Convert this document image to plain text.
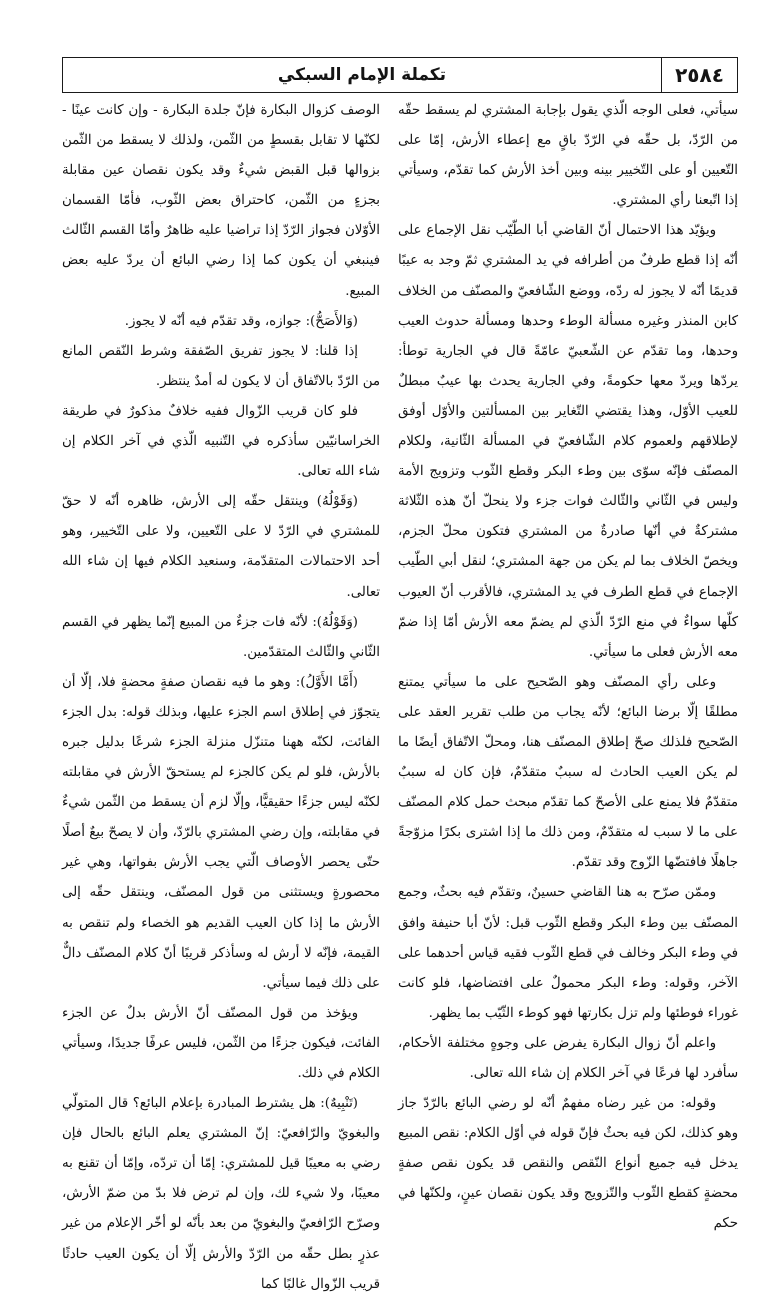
٢٥٨٤
تكملة الإمام السبكي

سيأتي، فعلى الوجه الّذي يقول بإجابة المشتري لم يسقط حقّه من الرّدّ، بل حقّه في الرّدّ باقٍ مع إعطاء الأرش، إمّا على التّعيين أو على التّخيير بينه وبين أخذ الأرش كما تقدّم، وسيأتي إذا اتّبعنا رأي المشتري.

ويؤيّد هذا الاحتمال أنّ القاضي أبا الطّيّب نقل الإجماع على أنّه إذا قطع طرفٌ من أطرافه في يد المشتري ثمّ وجد به عيبًا قديمًا أنّه لا يجوز له ردّه، ووضع الشّافعيّ والمصنّف من الخلاف كابن المنذر وغيره مسألة الوطء وحدها ومسألة حدوث العيب وحدها، وما تقدّم عن الشّعبيّ عامّةً قال في الجارية توطأ: يردّها ويردّ معها حكومةً، وفي الجارية يحدث بها عيبٌ مبطلٌ للعيب الأوّل، وهذا يقتضي التّغاير بين المسألتين والأوّل أوفق لإطلاقهم ولعموم كلام الشّافعيّ في المسألة الثّانية، ولكلام المصنّف فإنّه سوّى بين وطء البكر وقطع الثّوب وتزويج الأمة وليس في الثّاني والثّالث فوات جزء ولا ينحلّ أنّ هذه الثّلاثة مشتركةٌ في أنّها صادرةٌ من المشتري فتكون محلّ الجزم، ويخصّ الخلاف بما لم يكن من جهة المشتري؛ لنقل أبي الطّيب الإجماع في قطع الطرف في يد المشتري، فالأقرب أنّ العيوب كلّها سواءٌ في منع الرّدّ الّذي لم يضمّ معه الأرش أمّا إذا ضمّ معه الأرش فعلى ما سيأتي.

وعلى رأي المصنّف وهو الصّحيح على ما سيأتي يمتنع مطلقًا إلّا برضا البائع؛ لأنّه يجاب من طلب تقرير العقد على الصّحيح فلذلك صحّ إطلاق المصنّف هنا، ومحلّ الاتّفاق أيضًا ما لم يكن العيب الحادث له سببٌ متقدّمٌ، فإن كان له سببٌ متقدّمٌ فلا يمنع على الأصحّ كما تقدّم مبحث حمل كلام المصنّف على ما لا سبب له متقدّمٌ، ومن ذلك ما إذا اشترى بكرًا مزوّجةً جاهلًا فافتضّها الزّوج وقد تقدّم.

وممّن صرّح به هنا القاضي حسينٌ، وتقدّم فيه بحثٌ، وجمع المصنّف بين وطء البكر وقطع الثّوب قبل: لأنّ أبا حنيفة وافق في وطء البكر وخالف في قطع الثّوب فقيه قياس أحدهما على الآخر، وقوله: وطء البكر محمولٌ على افتضاضها، فلو كانت غوراء فوطئها ولم تزل بكارتها فهو كوطء الثّيّب بما يظهر.

واعلم أنّ زوال البكارة يفرض على وجوهٍ مختلفة الأحكام، سأفرد لها فرعًا في آخر الكلام إن شاء الله تعالى.

وقوله: من غير رضاه مفهمٌ أنّه لو رضي البائع بالرّدّ جاز وهو كذلك، لكن فيه بحثٌ فإنّ قوله في أوّل الكلام: نقص المبيع يدخل فيه جميع أنواع النّقص والنقص قد يكون نقص صفةٍ محضةٍ كقطع الثّوب والتّزويج وقد يكون نقصان عينٍ، ولكنّها في حكم

الوصف كزوال البكارة فإنّ جلدة البكارة - وإن كانت عينًا - لكنّها لا تقابل بقسطٍ من الثّمن، ولذلك لا يسقط من الثّمن بزوالها قبل القبض شيءٌ وقد يكون نقصان عين مقابلة بجزءٍ من الثّمن، كاحتراق بعض الثّوب، فأمّا القسمان الأوّلان فجواز الرّدّ إذا تراضيا عليه ظاهرٌ وأمّا القسم الثّالث فينبغي أن يكون كما إذا رضي البائع أن يردّ عليه بعض المبيع.

(وَالأَصَحُّ): جوازه، وقد تقدّم فيه أنّه لا يجوز.

إذا قلنا: لا يجوز تفريق الصّفقة وشرط النّقص المانع من الرّدّ بالاتّفاق أن لا يكون له أمدٌ ينتظر.

فلو كان قريب الزّوال ففيه خلافٌ مذكورٌ في طريقة الخراسانيّين سأذكره في التّنبيه الّذي في آخر الكلام إن شاء الله تعالى.

(وَقَوْلُهُ) وينتقل حقّه إلى الأرش، ظاهره أنّه لا حقّ للمشتري في الرّدّ لا على التّعيين، ولا على التّخيير، وهو أحد الاحتمالات المتقدّمة، وسنعيد الكلام فيها إن شاء الله تعالى.

(وَقَوْلُهُ): لأنّه فات جزءٌ من المبيع إنّما يظهر في القسم الثّاني والثّالث المتقدّمين.

(أَمَّا الأَوَّلُ): وهو ما فيه نقصان صفةٍ محضةٍ فلا، إلّا أن يتجوّز في إطلاق اسم الجزء عليها، وبذلك قوله: بدل الجزء الفائت، لكنّه ههنا متنزّل منزلة الجزء شرعًا بدليل جبره بالأرش، فلو لم يكن كالجزء لم يستحقّ الأرش في مقابلته لكنّه ليس جزءًا حقيقيًّا، وإلّا لزم أن يسقط من الثّمن شيءٌ في مقابلته، وإن رضي المشتري بالرّدّ، وأن لا يصحّ بيعٌ أصلًا حتّى يحصر الأوصاف الّتي يجب الأرش بفواتها، وهي غير محصورةٍ ويستثنى من قول المصنّف، وينتقل حقّه إلى الأرش ما إذا كان العيب القديم هو الخصاء ولم تنقص به القيمة، فإنّه لا أرش له وسأذكر قريبًا أنّ كلام المصنّف دالٌّ على ذلك فيما سيأتي.

ويؤخذ من قول المصنّف أنّ الأرش بدلٌ عن الجزء الفائت، فيكون جزءًا من الثّمن، فليس عرفًا جديدًا، وسيأتي الكلام في ذلك.

(تَنْبِيهٌ): هل يشترط المبادرة بإعلام البائع؟ قال المتولّي والبغويّ والرّافعيّ: إنّ المشتري يعلم البائع بالحال فإن رضي به معيبًا قيل للمشتري: إمّا أن تردّه، وإمّا أن تقنع به معيبًا، ولا شيء لك، وإن لم ترض فلا بدّ من ضمّ الأرش، وصرّح الرّافعيّ والبغويّ من بعد بأنّه لو أخّر الإعلام من غير عذرٍ بطل حقّه من الرّدّ والأرش إلّا أن يكون العيب حادثًا قريب الزّوال غالبًا كما
